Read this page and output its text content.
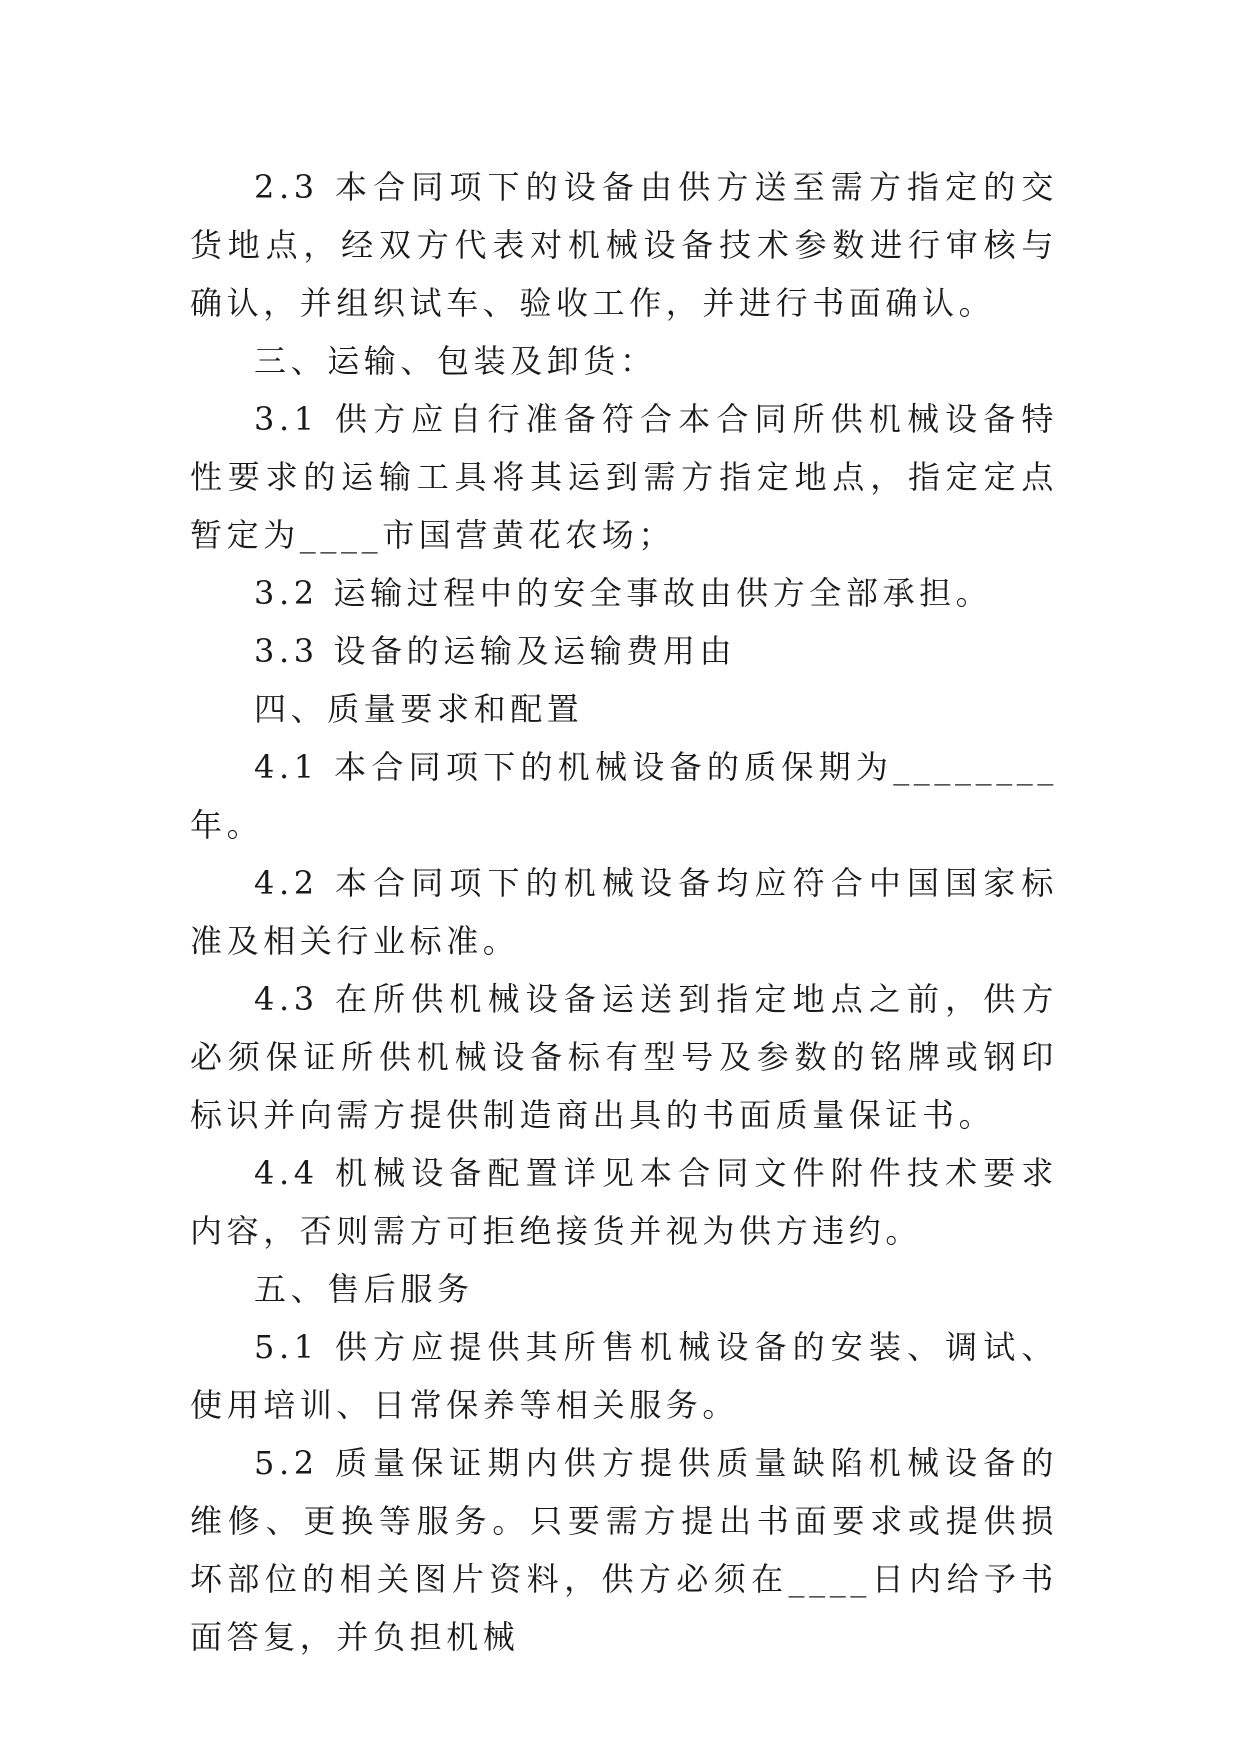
2.3 本合同项下的设备由供方送至需方指定的交货地点，经双方代表对机械设备技术参数进行审核与确认，并组织试车、验收工作，并进行书面确认。

三、运输、包装及卸货：

3.1 供方应自行准备符合本合同所供机械设备特性要求的运输工具将其运到需方指定地点，指定定点暂定为____市国营黄花农场；

3.2 运输过程中的安全事故由供方全部承担。

3.3 设备的运输及运输费用由

四、质量要求和配置

4.1 本合同项下的机械设备的质保期为________年。

4.2 本合同项下的机械设备均应符合中国国家标准及相关行业标准。

4.3 在所供机械设备运送到指定地点之前，供方必须保证所供机械设备标有型号及参数的铭牌或钢印标识并向需方提供制造商出具的书面质量保证书。

4.4 机械设备配置详见本合同文件附件技术要求内容，否则需方可拒绝接货并视为供方违约。

五、售后服务

5.1 供方应提供其所售机械设备的安装、调试、使用培训、日常保养等相关服务。

5.2 质量保证期内供方提供质量缺陷机械设备的维修、更换等服务。只要需方提出书面要求或提供损坏部位的相关图片资料，供方必须在____日内给予书面答复，并负担机械
